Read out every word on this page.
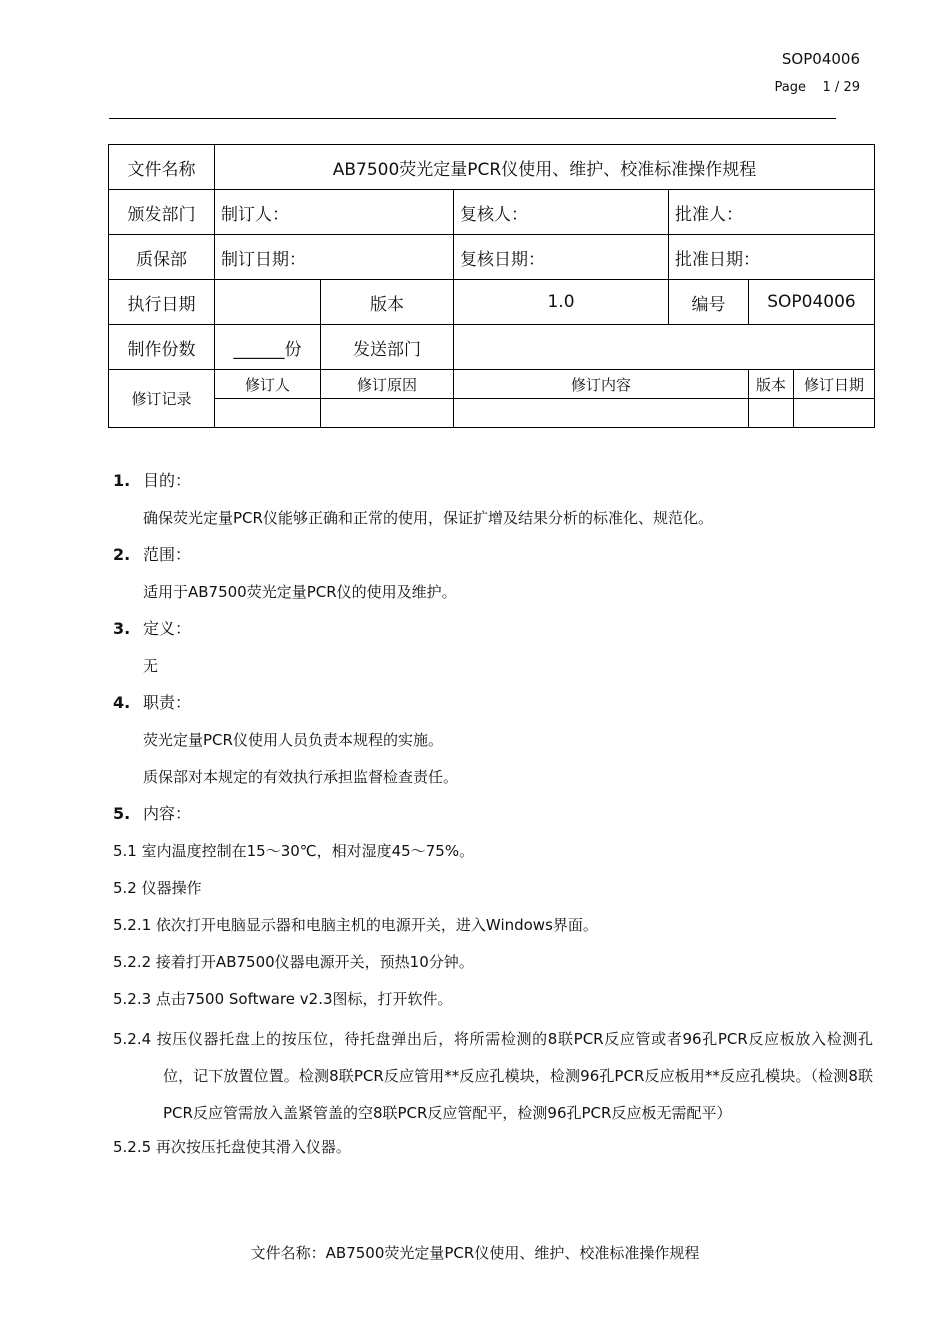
SOP04006
Page 1 / 29
文件名称	AB7500荧光定量PCR仪使用、维护、校准标准操作规程					
颁发部门	制订人：		复核人：	批准人：		
质保部	制订日期：		复核日期：	批准日期：		
执行日期		版本	1.0	编号	SOP04006	
制作份数	______份	发送部门				
修订记录	修订人	修订原因	修订内容		版本	修订日期

1. 目的：
确保荧光定量PCR仪能够正确和正常的使用，保证扩增及结果分析的标准化、规范化。
2. 范围：
适用于AB7500荧光定量PCR仪的使用及维护。
3. 定义：
无
4. 职责：
荧光定量PCR仪使用人员负责本规程的实施。
质保部对本规定的有效执行承担监督检查责任。
5. 内容：
5.1 室内温度控制在15～30℃，相对湿度45～75%。
5.2 仪器操作
5.2.1 依次打开电脑显示器和电脑主机的电源开关，进入Windows界面。
5.2.2 接着打开AB7500仪器电源开关，预热10分钟。
5.2.3 点击7500 Software v2.3图标，打开软件。
5.2.4 按压仪器托盘上的按压位，待托盘弹出后，将所需检测的8联PCR反应管或者96孔PCR反应板放入检测孔位，记下放置位置。检测8联PCR反应管用**反应孔模块，检测96孔PCR反应板用**反应孔模块。（检测8联PCR反应管需放入盖紧管盖的空8联PCR反应管配平，检测96孔PCR反应板无需配平）
5.2.5 再次按压托盘使其滑入仪器。
文件名称：AB7500荧光定量PCR仪使用、维护、校准标准操作规程
